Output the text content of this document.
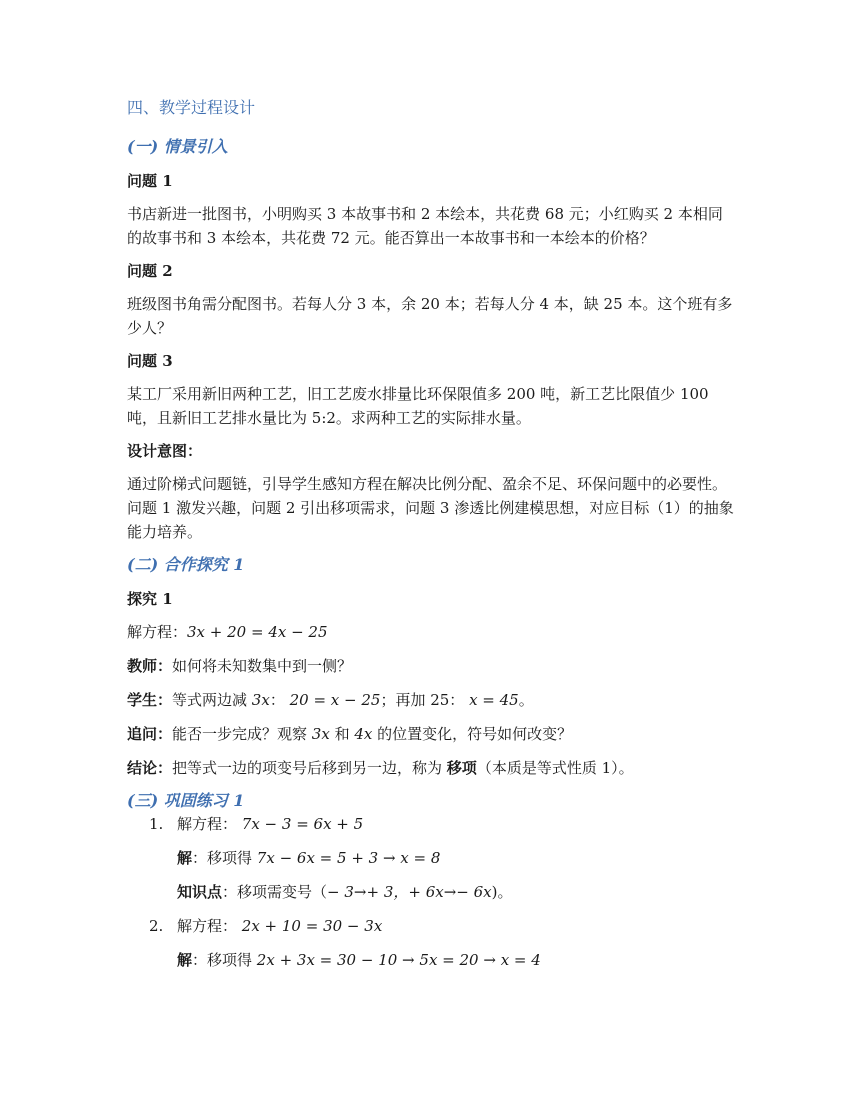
四、教学过程设计
(一) 情景引入
问题 1
书店新进一批图书，小明购买 3 本故事书和 2 本绘本，共花费 68 元；小红购买 2 本相同的故事书和 3 本绘本，共花费 72 元。能否算出一本故事书和一本绘本的价格？
问题 2
班级图书角需分配图书。若每人分 3 本，余 20 本；若每人分 4 本，缺 25 本。这个班有多少人？
问题 3
某工厂采用新旧两种工艺，旧工艺废水排量比环保限值多 200 吨，新工艺比限值少 100 吨，且新旧工艺排水量比为 5:2。求两种工艺的实际排水量。
设计意图：
通过阶梯式问题链，引导学生感知方程在解决比例分配、盈余不足、环保问题中的必要性。问题 1 激发兴趣，问题 2 引出移项需求，问题 3 渗透比例建模思想，对应目标（1）的抽象能力培养。
(二) 合作探究 1
探究 1
解方程：3x + 20 = 4x − 25
教师：如何将未知数集中到一侧？
学生：等式两边减 3x： 20 = x − 25；再加 25： x = 45。
追问：能否一步完成？观察 3x 和 4x 的位置变化，符号如何改变？
结论：把等式一边的项变号后移到另一边，称为 移项（本质是等式性质 1）。
(三) 巩固练习 1
1. 解方程： 7x − 3 = 6x + 5
解：移项得 7x − 6x = 5 + 3 → x = 8
知识点：移项需变号（− 3→+ 3，+ 6x→− 6x)。
2. 解方程： 2x + 10 = 30 − 3x
解：移项得 2x + 3x = 30 − 10 → 5x = 20 → x = 4
